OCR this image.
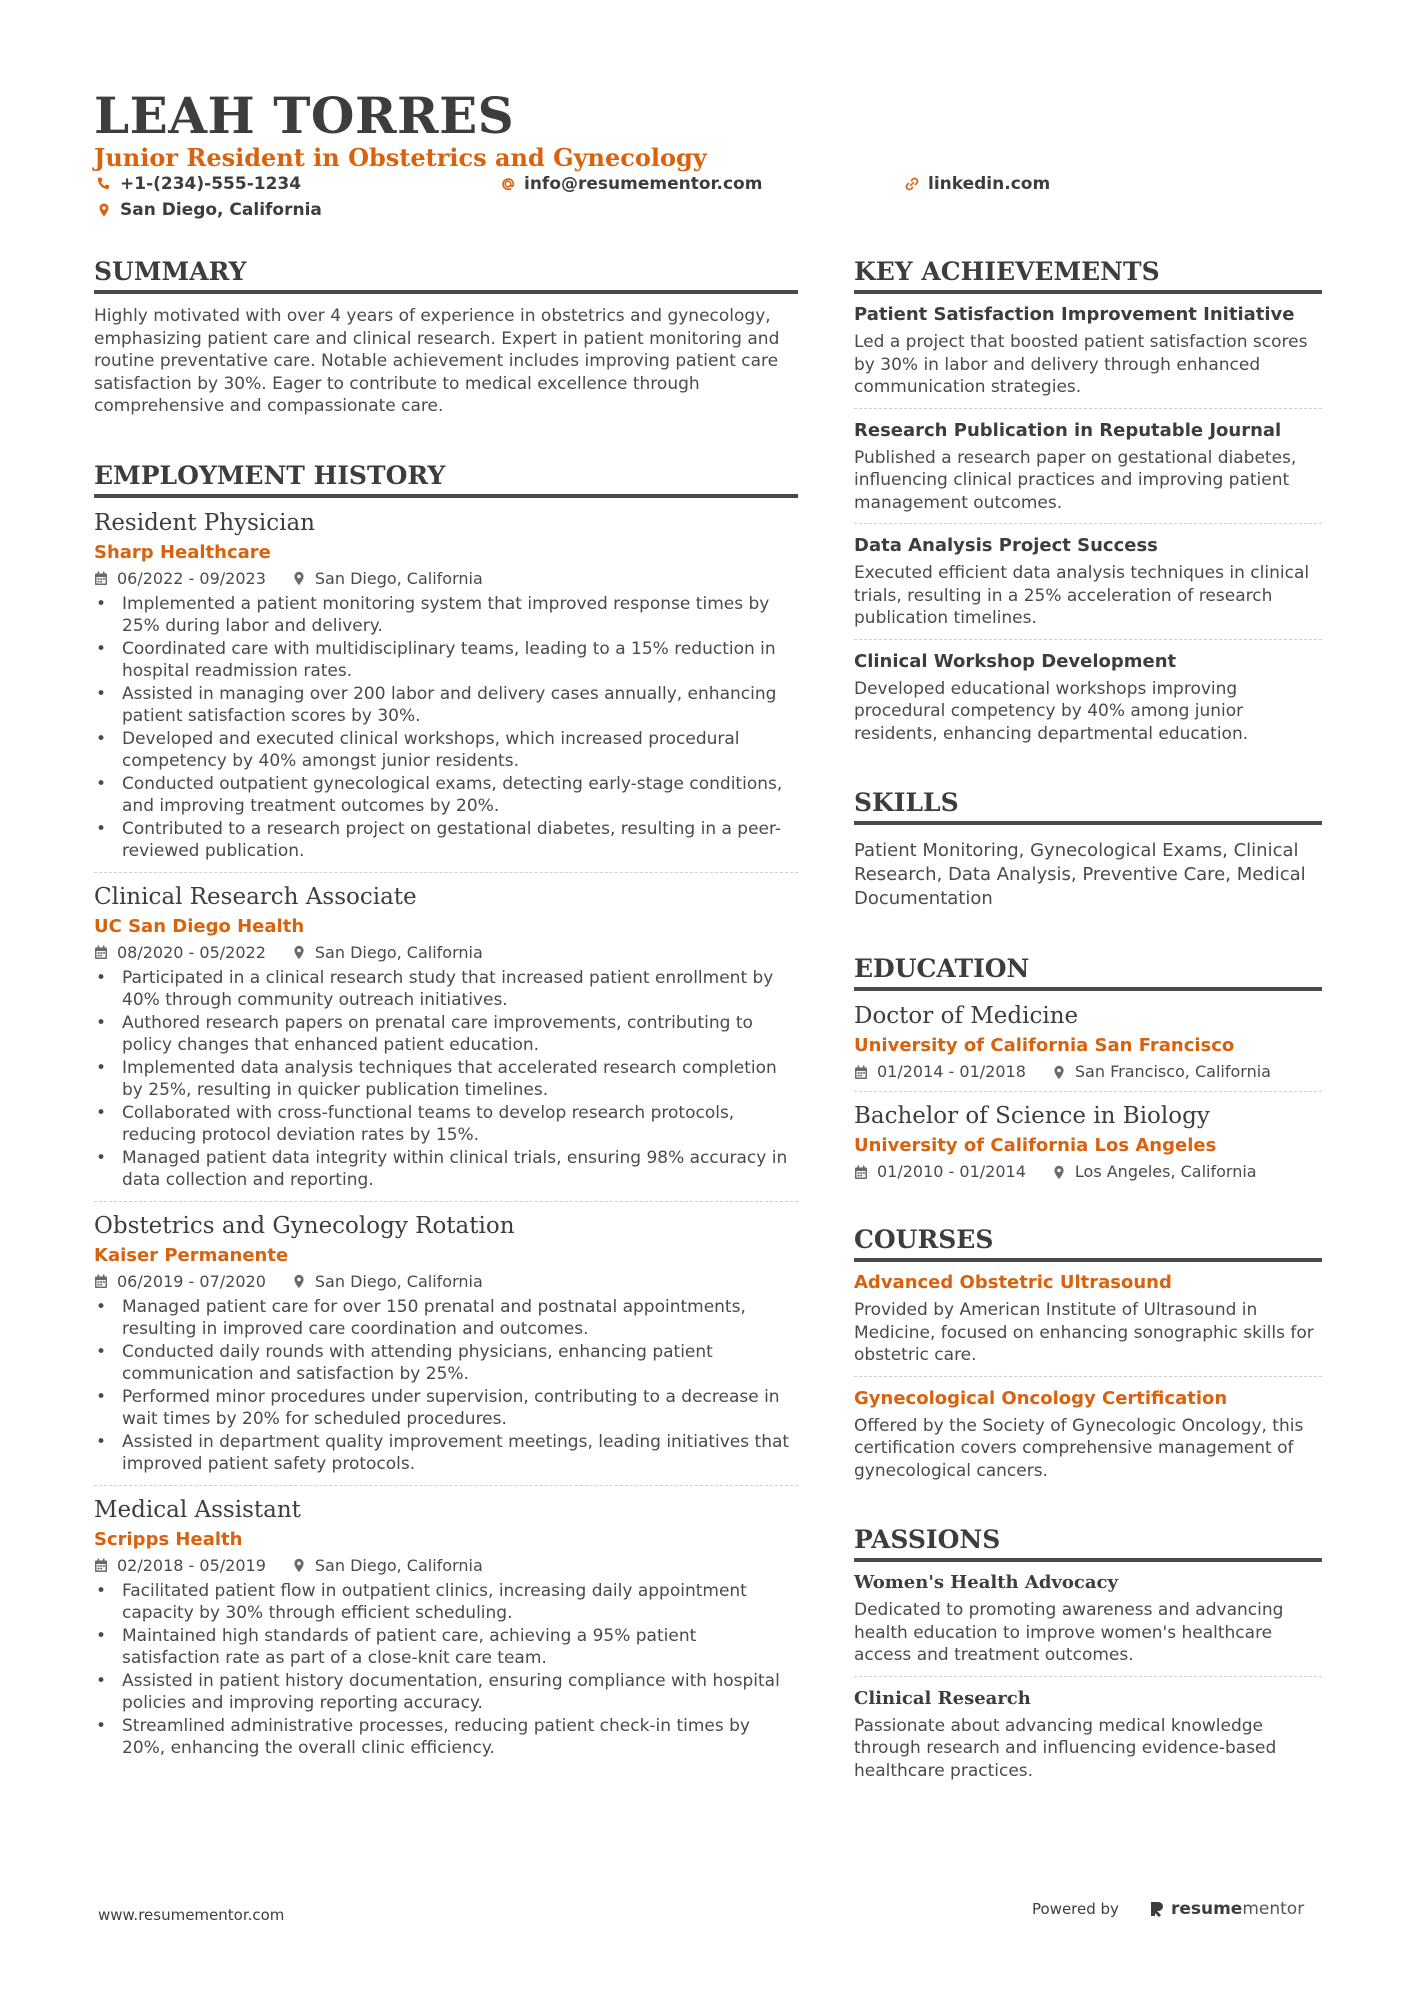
LEAH TORRES
Junior Resident in Obstetrics and Gynecology
+1-(234)-555-1234	info@resumementor.com	linkedin.com
San Diego, California
SUMMARY
Highly motivated with over 4 years of experience in obstetrics and gynecology, emphasizing patient care and clinical research. Expert in patient monitoring and routine preventative care. Notable achievement includes improving patient care satisfaction by 30%. Eager to contribute to medical excellence through comprehensive and compassionate care.
EMPLOYMENT HISTORY
Resident Physician
Sharp Healthcare
06/2022 - 09/2023	San Diego, California
• Implemented a patient monitoring system that improved response times by 25% during labor and delivery.
• Coordinated care with multidisciplinary teams, leading to a 15% reduction in hospital readmission rates.
• Assisted in managing over 200 labor and delivery cases annually, enhancing patient satisfaction scores by 30%.
• Developed and executed clinical workshops, which increased procedural competency by 40% amongst junior residents.
• Conducted outpatient gynecological exams, detecting early-stage conditions, and improving treatment outcomes by 20%.
• Contributed to a research project on gestational diabetes, resulting in a peer-reviewed publication.
Clinical Research Associate
UC San Diego Health
08/2020 - 05/2022	San Diego, California
• Participated in a clinical research study that increased patient enrollment by 40% through community outreach initiatives.
• Authored research papers on prenatal care improvements, contributing to policy changes that enhanced patient education.
• Implemented data analysis techniques that accelerated research completion by 25%, resulting in quicker publication timelines.
• Collaborated with cross-functional teams to develop research protocols, reducing protocol deviation rates by 15%.
• Managed patient data integrity within clinical trials, ensuring 98% accuracy in data collection and reporting.
Obstetrics and Gynecology Rotation
Kaiser Permanente
06/2019 - 07/2020	San Diego, California
• Managed patient care for over 150 prenatal and postnatal appointments, resulting in improved care coordination and outcomes.
• Conducted daily rounds with attending physicians, enhancing patient communication and satisfaction by 25%.
• Performed minor procedures under supervision, contributing to a decrease in wait times by 20% for scheduled procedures.
• Assisted in department quality improvement meetings, leading initiatives that improved patient safety protocols.
Medical Assistant
Scripps Health
02/2018 - 05/2019	San Diego, California
• Facilitated patient flow in outpatient clinics, increasing daily appointment capacity by 30% through efficient scheduling.
• Maintained high standards of patient care, achieving a 95% patient satisfaction rate as part of a close-knit care team.
• Assisted in patient history documentation, ensuring compliance with hospital policies and improving reporting accuracy.
• Streamlined administrative processes, reducing patient check-in times by 20%, enhancing the overall clinic efficiency.
KEY ACHIEVEMENTS
Patient Satisfaction Improvement Initiative
Led a project that boosted patient satisfaction scores by 30% in labor and delivery through enhanced communication strategies.
Research Publication in Reputable Journal
Published a research paper on gestational diabetes, influencing clinical practices and improving patient management outcomes.
Data Analysis Project Success
Executed efficient data analysis techniques in clinical trials, resulting in a 25% acceleration of research publication timelines.
Clinical Workshop Development
Developed educational workshops improving procedural competency by 40% among junior residents, enhancing departmental education.
SKILLS
Patient Monitoring, Gynecological Exams, Clinical Research, Data Analysis, Preventive Care, Medical Documentation
EDUCATION
Doctor of Medicine
University of California San Francisco
01/2014 - 01/2018	San Francisco, California
Bachelor of Science in Biology
University of California Los Angeles
01/2010 - 01/2014	Los Angeles, California
COURSES
Advanced Obstetric Ultrasound
Provided by American Institute of Ultrasound in Medicine, focused on enhancing sonographic skills for obstetric care.
Gynecological Oncology Certification
Offered by the Society of Gynecologic Oncology, this certification covers comprehensive management of gynecological cancers.
PASSIONS
Women's Health Advocacy
Dedicated to promoting awareness and advancing health education to improve women's healthcare access and treatment outcomes.
Clinical Research
Passionate about advancing medical knowledge through research and influencing evidence-based healthcare practices.
www.resumementor.com	Powered by	resumementor
